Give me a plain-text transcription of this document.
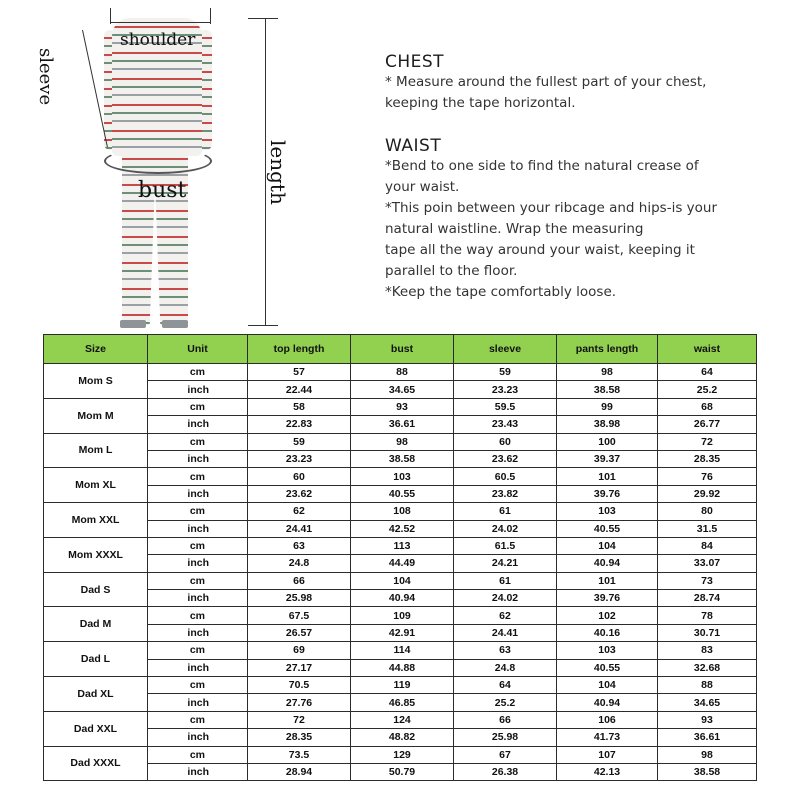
shoulder
sleeve
bust	length

CHEST

* Measure around the fullest part of your chest,

keeping the tape horizontal.

WAIST

*Bend to one side to find the natural crease of

your waist.

*This poin between your ribcage and hips-is your

natural waistline. Wrap the measuring

tape all the way around your waist, keeping it

parallel to the floor.

*Keep the tape comfortably loose.

Size	Unit	top length	bust	sleeve	pants length	waist
Mom S	cm	57	88	59	98	64
	inch	22.44	34.65	23.23	38.58	25.2
Mom M	cm	58	93	59.5	99	68
	inch	22.83	36.61	23.43	38.98	26.77
Mom L	cm	59	98	60	100	72
	inch	23.23	38.58	23.62	39.37	28.35
Mom XL	cm	60	103	60.5	101	76
	inch	23.62	40.55	23.82	39.76	29.92
Mom XXL	cm	62	108	61	103	80
	inch	24.41	42.52	24.02	40.55	31.5
Mom XXXL	cm	63	113	61.5	104	84
	inch	24.8	44.49	24.21	40.94	33.07
Dad S	cm	66	104	61	101	73
	inch	25.98	40.94	24.02	39.76	28.74
Dad M	cm	67.5	109	62	102	78
	inch	26.57	42.91	24.41	40.16	30.71
Dad L	cm	69	114	63	103	83
	inch	27.17	44.88	24.8	40.55	32.68
Dad XL	cm	70.5	119	64	104	88
	inch	27.76	46.85	25.2	40.94	34.65
Dad XXL	cm	72	124	66	106	93
	inch	28.35	48.82	25.98	41.73	36.61
Dad XXXL	cm	73.5	129	67	107	98
	inch	28.94	50.79	26.38	42.13	38.58
